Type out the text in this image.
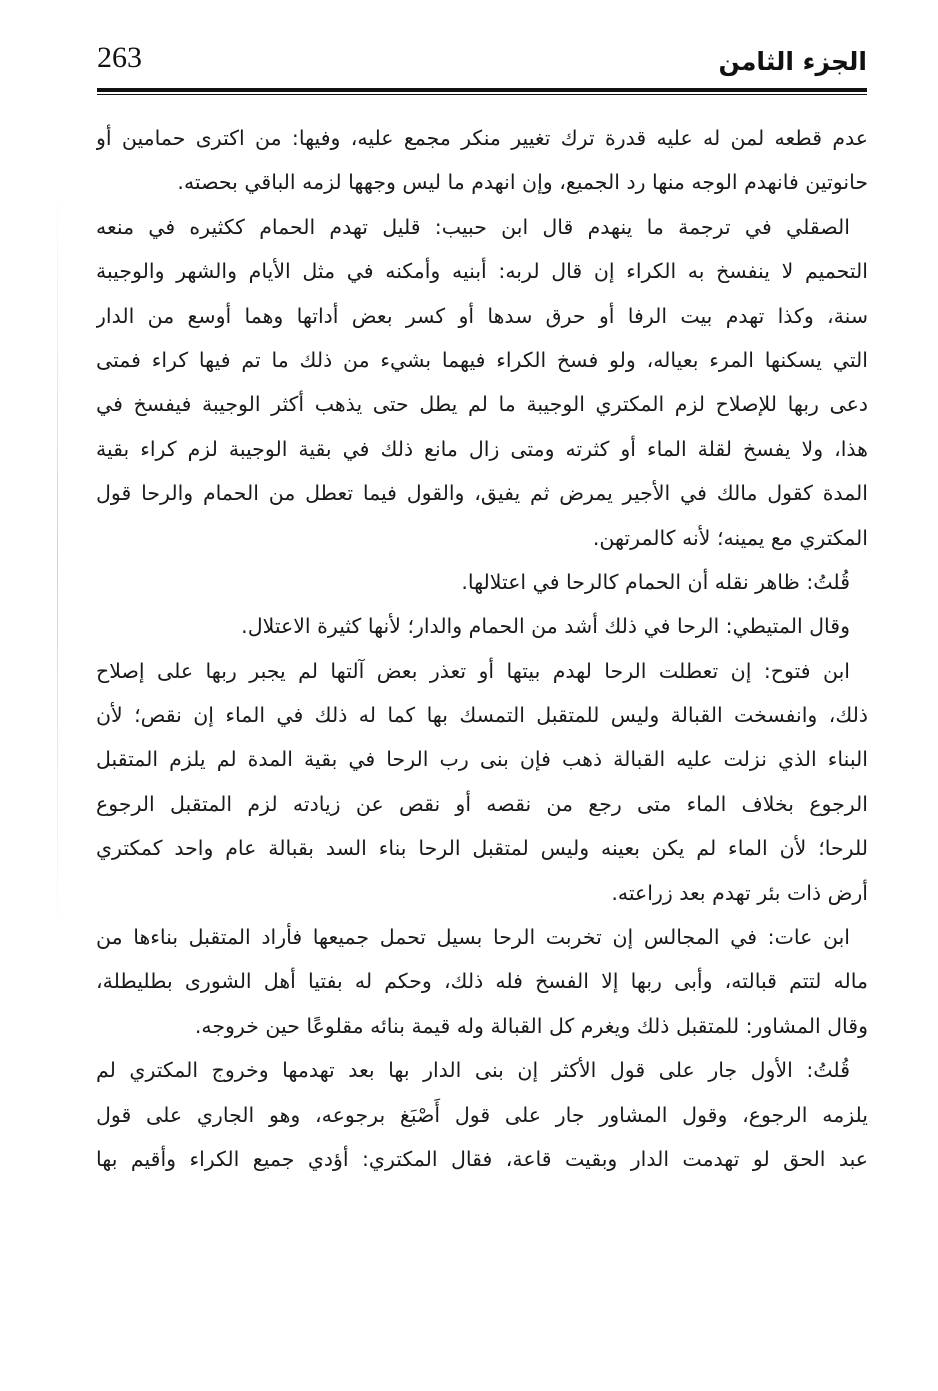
263	الجزء الثامن
عدم قطعه لمن له عليه قدرة ترك تغيير منكر مجمع عليه، وفيها: من اكترى حمامين أو
حانوتين فانهدم الوجه منها رد الجميع، وإن انهدم ما ليس وجهها لزمه الباقي بحصته.
الصقلي في ترجمة ما ينهدم قال ابن حبيب: قليل تهدم الحمام ككثيره في منعه
التحميم لا ينفسخ به الكراء إن قال لربه: أبنيه وأمكنه في مثل الأيام والشهر والوجيبة
سنة، وكذا تهدم بيت الرفا أو حرق سدها أو كسر بعض أداتها وهما أوسع من الدار
التي يسكنها المرء بعياله، ولو فسخ الكراء فيهما بشيء من ذلك ما تم فيها كراء فمتى
دعى ربها للإصلاح لزم المكتري الوجيبة ما لم يطل حتى يذهب أكثر الوجيبة فيفسخ في
هذا، ولا يفسخ لقلة الماء أو كثرته ومتى زال مانع ذلك في بقية الوجيبة لزم كراء بقية
المدة كقول مالك في الأجير يمرض ثم يفيق، والقول فيما تعطل من الحمام والرحا قول
المكتري مع يمينه؛ لأنه كالمرتهن.
قُلتُ: ظاهر نقله أن الحمام كالرحا في اعتلالها.
وقال المتيطي: الرحا في ذلك أشد من الحمام والدار؛ لأنها كثيرة الاعتلال.
ابن فتوح: إن تعطلت الرحا لهدم بيتها أو تعذر بعض آلتها لم يجبر ربها على إصلاح
ذلك، وانفسخت القبالة وليس للمتقبل التمسك بها كما له ذلك في الماء إن نقص؛ لأن
البناء الذي نزلت عليه القبالة ذهب فإن بنى رب الرحا في بقية المدة لم يلزم المتقبل
الرجوع بخلاف الماء متى رجع من نقصه أو نقص عن زيادته لزم المتقبل الرجوع
للرحا؛ لأن الماء لم يكن بعينه وليس لمتقبل الرحا بناء السد بقبالة عام واحد كمكتري
أرض ذات بئر تهدم بعد زراعته.
ابن عات: في المجالس إن تخربت الرحا بسيل تحمل جميعها فأراد المتقبل بناءها من
ماله لتتم قبالته، وأبى ربها إلا الفسخ فله ذلك، وحكم له بفتيا أهل الشورى بطليطلة،
وقال المشاور: للمتقبل ذلك ويغرم كل القبالة وله قيمة بنائه مقلوعًا حين خروجه.
قُلتُ: الأول جار على قول الأكثر إن بنى الدار بها بعد تهدمها وخروج المكتري لم
يلزمه الرجوع، وقول المشاور جار على قول أَصْبَغ برجوعه، وهو الجاري على قول
عبد الحق لو تهدمت الدار وبقيت قاعة، فقال المكتري: أؤدي جميع الكراء وأقيم بها
